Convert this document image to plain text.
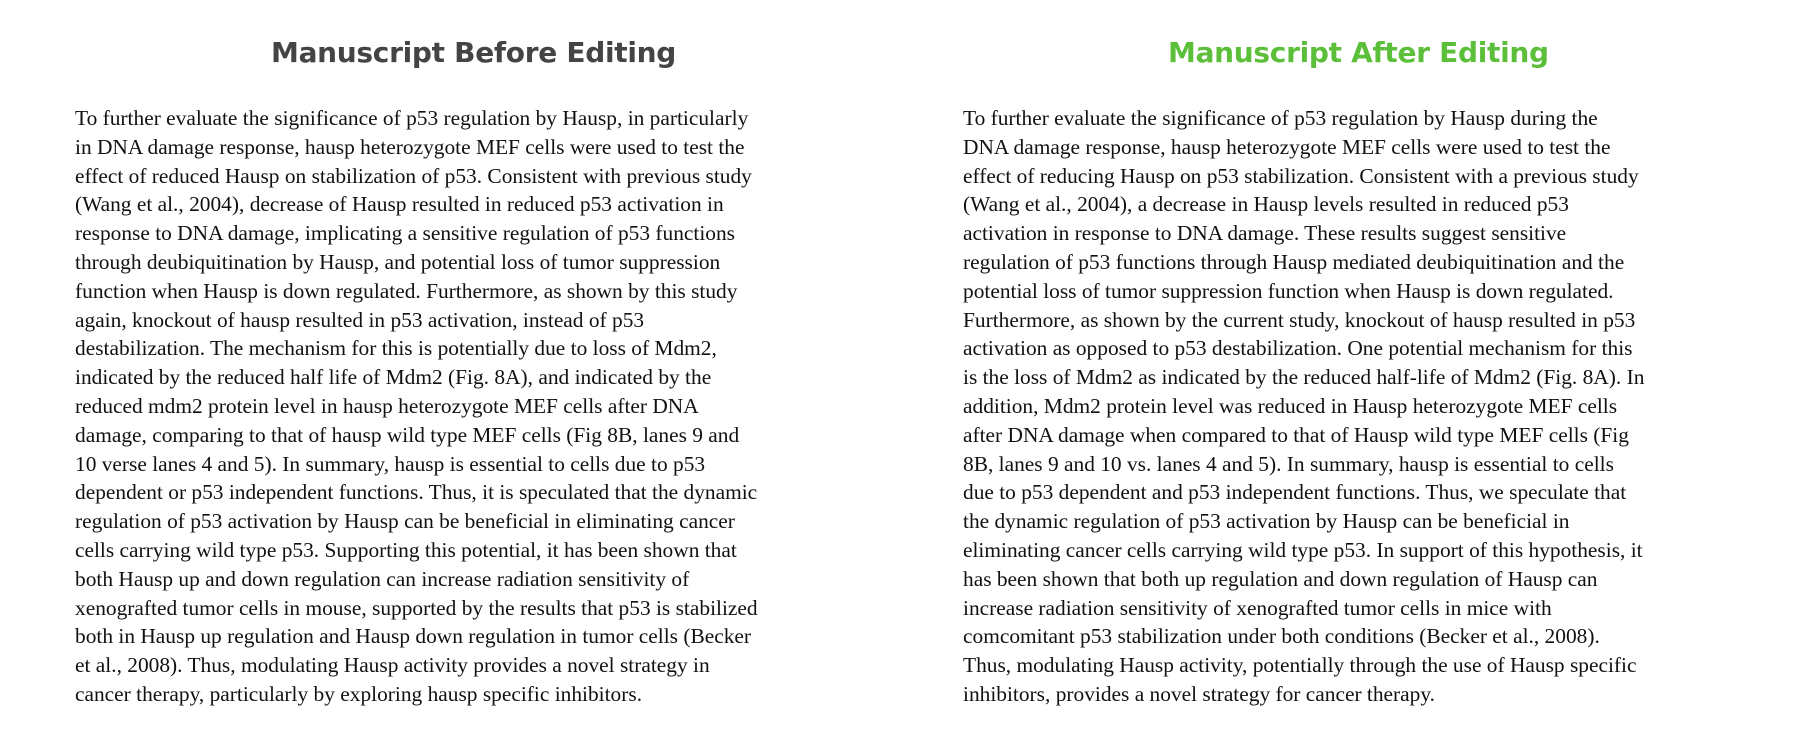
Manuscript Before Editing
To further evaluate the significance of p53 regulation by Hausp, in particularly
in DNA damage response, hausp heterozygote MEF cells were used to test the
effect of reduced Hausp on stabilization of p53. Consistent with previous study
(Wang et al., 2004), decrease of Hausp resulted in reduced p53 activation in
response to DNA damage, implicating a sensitive regulation of p53 functions
through deubiquitination by Hausp, and potential loss of tumor suppression
function when Hausp is down regulated. Furthermore, as shown by this study
again, knockout of hausp resulted in p53 activation, instead of p53
destabilization. The mechanism for this is potentially due to loss of Mdm2,
indicated by the reduced half life of Mdm2 (Fig. 8A), and indicated by the
reduced mdm2 protein level in hausp heterozygote MEF cells after DNA
damage, comparing to that of hausp wild type MEF cells (Fig 8B, lanes 9 and
10 verse lanes 4 and 5). In summary, hausp is essential to cells due to p53
dependent or p53 independent functions. Thus, it is speculated that the dynamic
regulation of p53 activation by Hausp can be beneficial in eliminating cancer
cells carrying wild type p53. Supporting this potential, it has been shown that
both Hausp up and down regulation can increase radiation sensitivity of
xenografted tumor cells in mouse, supported by the results that p53 is stabilized
both in Hausp up regulation and Hausp down regulation in tumor cells (Becker
et al., 2008). Thus, modulating Hausp activity provides a novel strategy in
cancer therapy, particularly by exploring hausp specific inhibitors.
Manuscript After Editing
To further evaluate the significance of p53 regulation by Hausp during the
DNA damage response, hausp heterozygote MEF cells were used to test the
effect of reducing Hausp on p53 stabilization. Consistent with a previous study
(Wang et al., 2004), a decrease in Hausp levels resulted in reduced p53
activation in response to DNA damage. These results suggest sensitive
regulation of p53 functions through Hausp mediated deubiquitination and the
potential loss of tumor suppression function when Hausp is down regulated.
Furthermore, as shown by the current study, knockout of hausp resulted in p53
activation as opposed to p53 destabilization. One potential mechanism for this
is the loss of Mdm2 as indicated by the reduced half-life of Mdm2 (Fig. 8A). In
addition, Mdm2 protein level was reduced in Hausp heterozygote MEF cells
after DNA damage when compared to that of Hausp wild type MEF cells (Fig
8B, lanes 9 and 10 vs. lanes 4 and 5). In summary, hausp is essential to cells
due to p53 dependent and p53 independent functions. Thus, we speculate that
the dynamic regulation of p53 activation by Hausp can be beneficial in
eliminating cancer cells carrying wild type p53. In support of this hypothesis, it
has been shown that both up regulation and down regulation of Hausp can
increase radiation sensitivity of xenografted tumor cells in mice with
comcomitant p53 stabilization under both conditions (Becker et al., 2008).
Thus, modulating Hausp activity, potentially through the use of Hausp specific
inhibitors, provides a novel strategy for cancer therapy.
